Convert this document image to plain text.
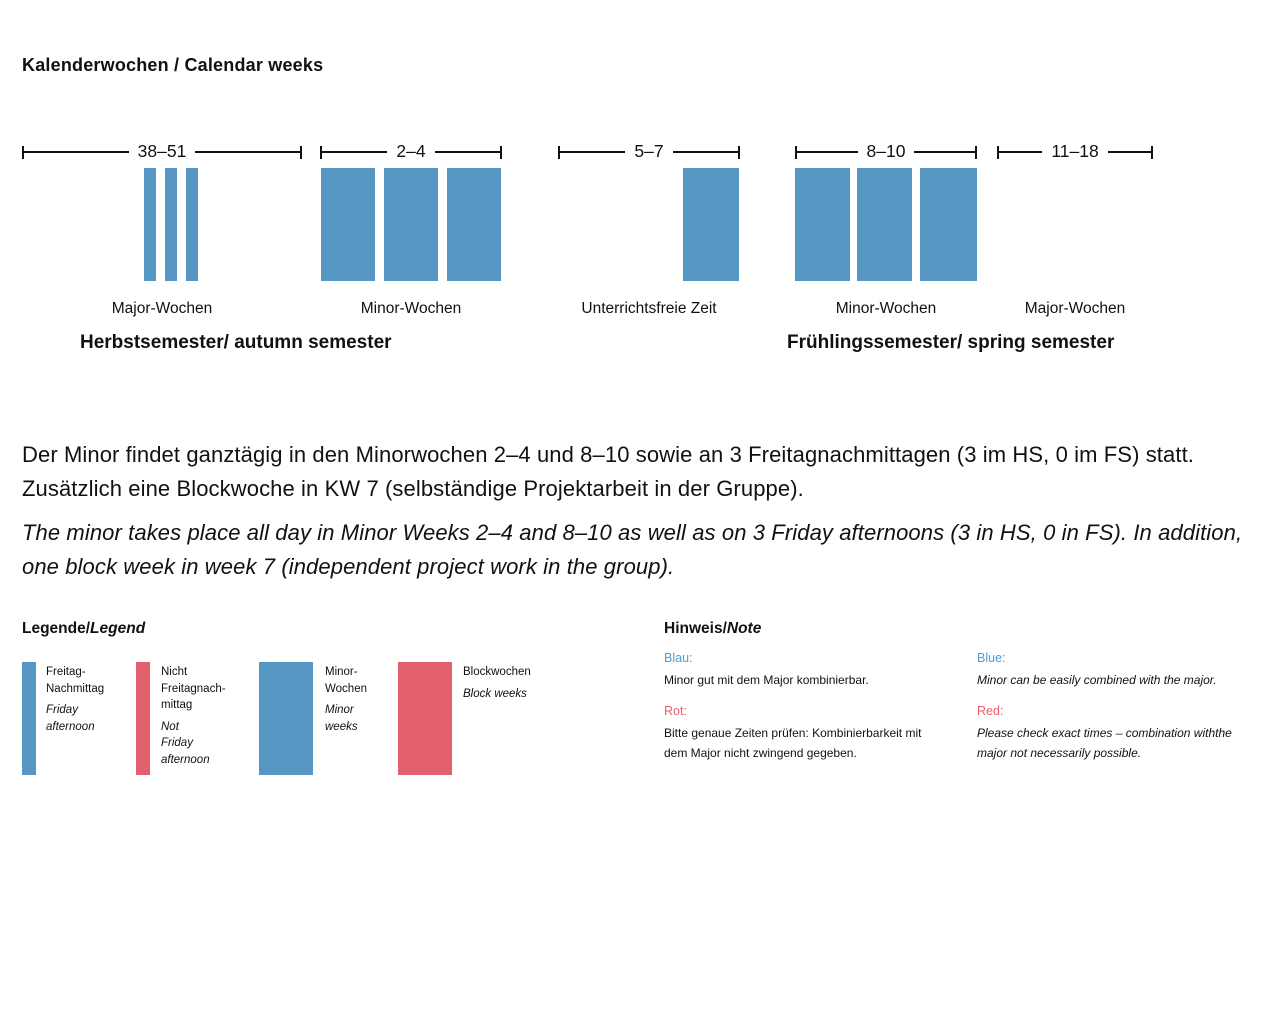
Kalenderwochen / Calendar weeks
38–51
Major-Wochen
2–4
Minor-Wochen
5–7
Unterrichtsfreie Zeit
8–10
Minor-Wochen
11–18
Major-Wochen
Herbstsemester/ autumn semester	Frühlingssemester/ spring semester
Der Minor findet ganztägig in den Minorwochen 2–4 und 8–10 sowie an 3 Freitagnachmittagen (3 im HS, 0 im FS) statt. Zusätzlich eine Blockwoche in KW 7 (selbständige Projektarbeit in der Gruppe).
The minor takes place all day in Minor Weeks 2–4 and 8–10 as well as on 3 Friday afternoons (3 in HS, 0 in FS). In addition, one block week in week 7 (independent project work in the group).
Legende/Legend
Freitag-
Nachmittag
Friday
afternoon
Nicht
Freitagnach-
mittag
Not
Friday
afternoon
Minor-
Wochen
Minor
weeks
Blockwochen
Block weeks
Hinweis/Note
Blau:
Minor gut mit dem Major kombinierbar.
Rot:
Bitte genaue Zeiten prüfen: Kombinierbarkeit mit dem Major nicht zwingend gegeben.
Blue:
Minor can be easily combined with the major.
Red:
Please check exact times – combination withthe major not necessarily possible.
